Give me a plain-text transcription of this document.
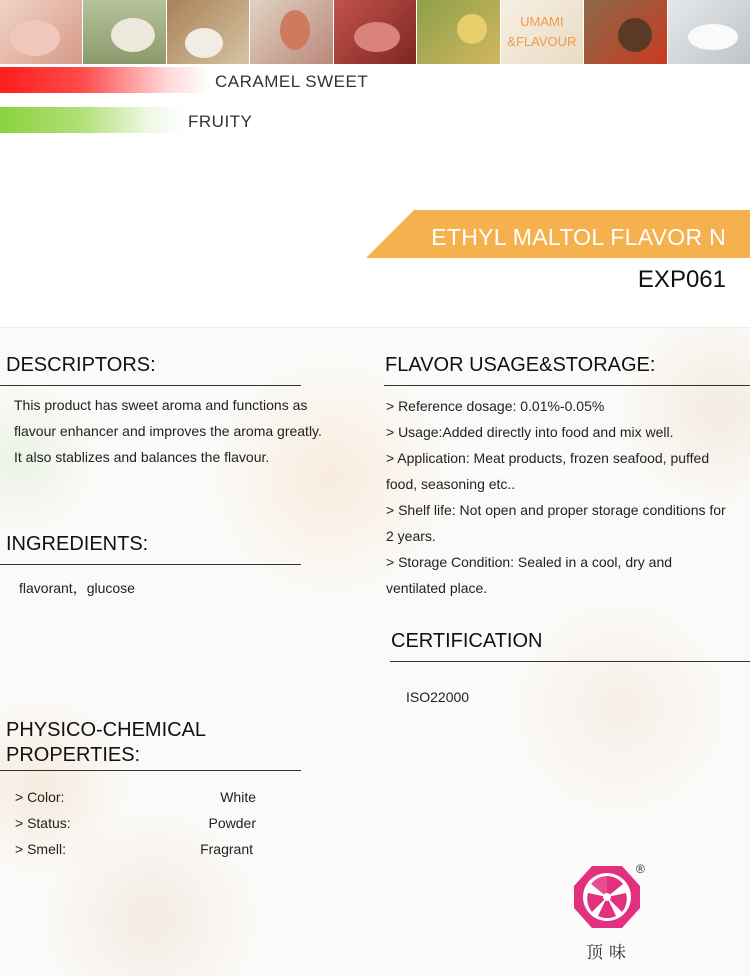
UMAMI
&FLAVOUR
CARAMEL SWEET
FRUITY
ETHYL MALTOL FLAVOR N
EXP061
DESCRIPTORS:
This product has sweet aroma and functions as
flavour enhancer and improves the aroma greatly.
It also stablizes and balances the flavour.
INGREDIENTS:
flavorant，glucose
PHYSICO-CHEMICAL
PROPERTIES:
> Color:	White
> Status:	Powder
> Smell:	Fragrant
FLAVOR USAGE&STORAGE:
> Reference dosage: 0.01%-0.05%
> Usage:Added directly into food and mix well.
> Application: Meat products, frozen seafood, puffed
food, seasoning etc..
> Shelf life: Not open and proper storage conditions for
2 years.
> Storage Condition: Sealed in a cool, dry and
ventilated place.
CERTIFICATION
ISO22000
®
顶味
